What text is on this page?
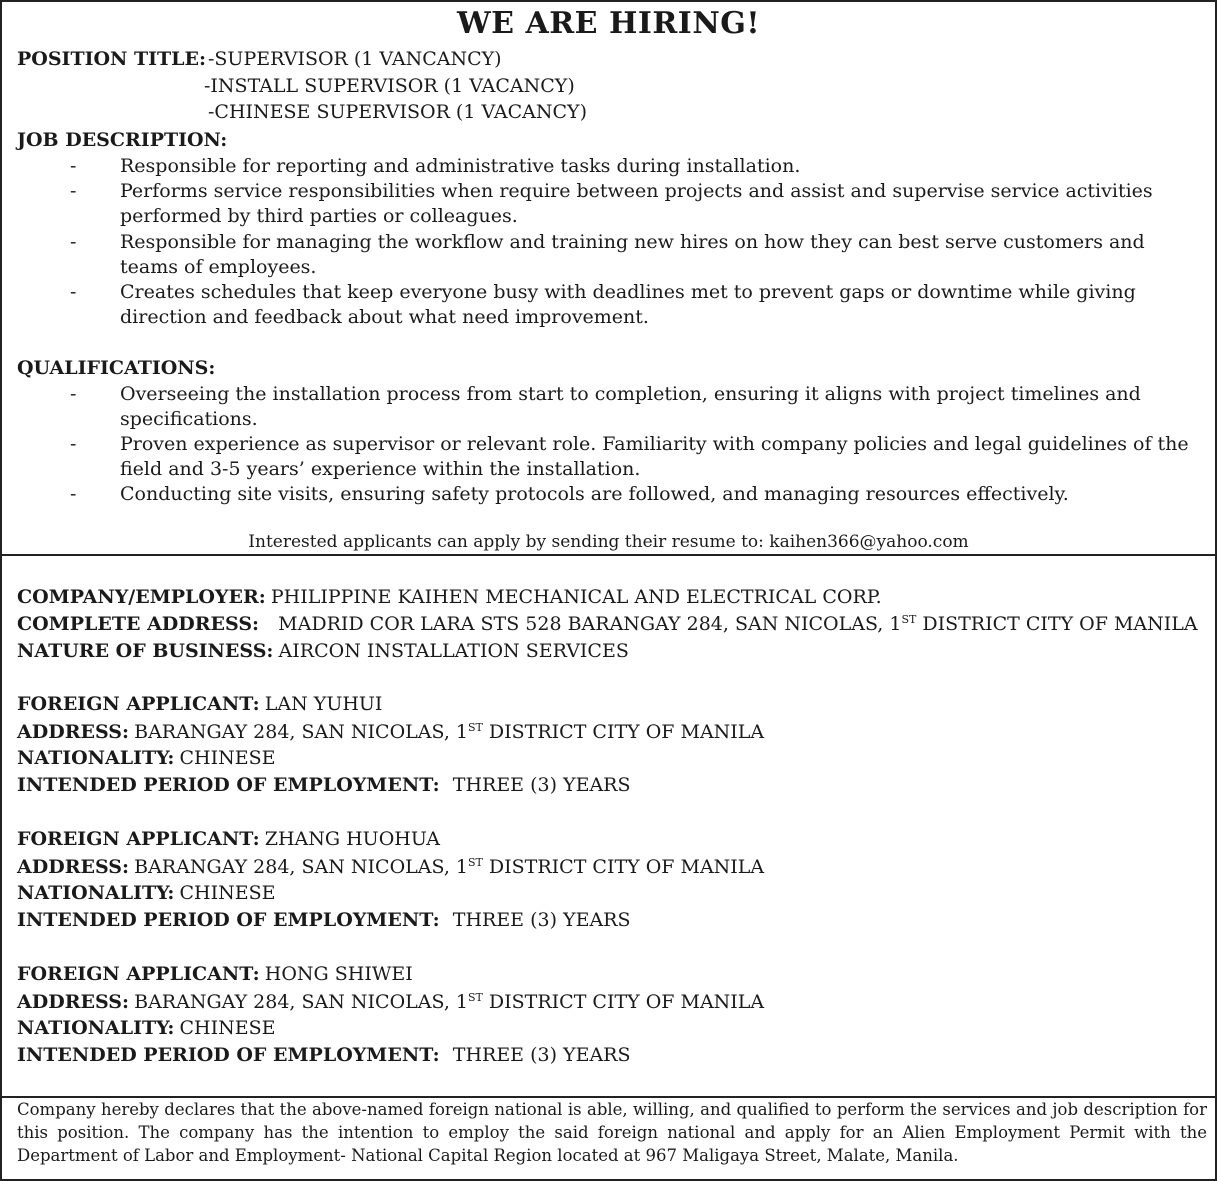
WE ARE HIRING!
POSITION TITLE: -SUPERVISOR (1 VANCANCY)
-INSTALL SUPERVISOR (1 VACANCY)
-CHINESE SUPERVISOR (1 VACANCY)
JOB DESCRIPTION:
- Responsible for reporting and administrative tasks during installation.
- Performs service responsibilities when require between projects and assist and supervise service activities
performed by third parties or colleagues.
- Responsible for managing the workflow and training new hires on how they can best serve customers and
teams of employees.
- Creates schedules that keep everyone busy with deadlines met to prevent gaps or downtime while giving
direction and feedback about what need improvement.
QUALIFICATIONS:
- Overseeing the installation process from start to completion, ensuring it aligns with project timelines and
specifications.
- Proven experience as supervisor or relevant role. Familiarity with company policies and legal guidelines of the
field and 3-5 years’ experience within the installation.
- Conducting site visits, ensuring safety protocols are followed, and managing resources effectively.
Interested applicants can apply by sending their resume to: kaihen366@yahoo.com
COMPANY/EMPLOYER: PHILIPPINE KAIHEN MECHANICAL AND ELECTRICAL CORP.
COMPLETE ADDRESS: MADRID COR LARA STS 528 BARANGAY 284, SAN NICOLAS, 1ST DISTRICT CITY OF MANILA
NATURE OF BUSINESS: AIRCON INSTALLATION SERVICES
FOREIGN APPLICANT: LAN YUHUI
ADDRESS: BARANGAY 284, SAN NICOLAS, 1ST DISTRICT CITY OF MANILA
NATIONALITY: CHINESE
INTENDED PERIOD OF EMPLOYMENT: THREE (3) YEARS
FOREIGN APPLICANT: ZHANG HUOHUA
ADDRESS: BARANGAY 284, SAN NICOLAS, 1ST DISTRICT CITY OF MANILA
NATIONALITY: CHINESE
INTENDED PERIOD OF EMPLOYMENT: THREE (3) YEARS
FOREIGN APPLICANT: HONG SHIWEI
ADDRESS: BARANGAY 284, SAN NICOLAS, 1ST DISTRICT CITY OF MANILA
NATIONALITY: CHINESE
INTENDED PERIOD OF EMPLOYMENT: THREE (3) YEARS
Company hereby declares that the above-named foreign national is able, willing, and qualified to perform the services and job description for this position. The company has the intention to employ the said foreign national and apply for an Alien Employment Permit with the Department of Labor and Employment- National Capital Region located at 967 Maligaya Street, Malate, Manila.
